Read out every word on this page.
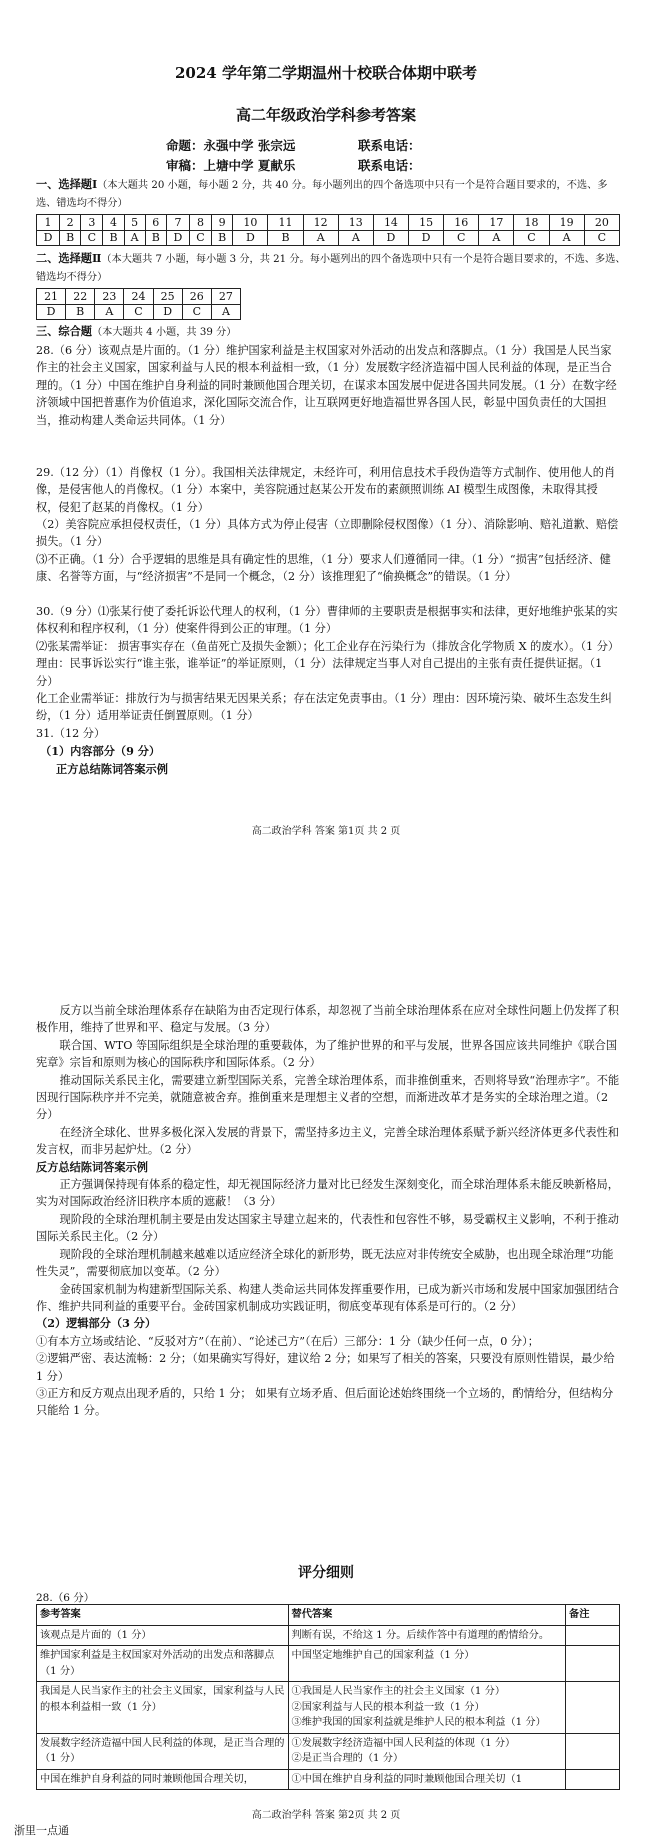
2024 学年第二学期温州十校联合体期中联考
高二年级政治学科参考答案
命题：永强中学 张宗远	联系电话：
审稿：上塘中学 夏献乐	联系电话：
一、选择题Ⅰ（本大题共 20 小题，每小题 2 分，共 40 分。每小题列出的四个备选项中只有一个是符合题目要求的，不选、多选、错选均不得分）
1	2	3	4	5	6	7	8	9	10	11	12	13	14	15	16	17	18	19	20
D	B	C	B	A	B	D	C	B	D	B	A	A	D	D	C	A	C	A	C
二、选择题Ⅱ（本大题共 7 小题，每小题 3 分，共 21 分。每小题列出的四个备选项中只有一个是符合题目要求的，不选、多选、错选均不得分）
21	22	23	24	25	26	27
D	B	A	C	D	C	A
三、综合题（本大题共 4 小题，共 39 分）
28.（6 分）该观点是片面的。（1 分）维护国家利益是主权国家对外活动的出发点和落脚点。（1 分）我国是人民当家作主的社会主义国家，国家利益与人民的根本利益相一致，（1 分）发展数字经济造福中国人民利益的体现，是正当合理的。（1 分）中国在维护自身利益的同时兼顾他国合理关切，在谋求本国发展中促进各国共同发展。（1 分）在数字经济领域中国把普惠作为价值追求，深化国际交流合作，让互联网更好地造福世界各国人民，彰显中国负责任的大国担当，推动构建人类命运共同体。（1 分）
29.（12 分）（1）肖像权（1 分）。我国相关法律规定，未经许可，利用信息技术手段伪造等方式制作、使用他人的肖像，是侵害他人的肖像权。（1 分）本案中，美容院通过赵某公开发布的素颜照训练 AI 模型生成图像，未取得其授权，侵犯了赵某的肖像权。（1 分）
（2）美容院应承担侵权责任，（1 分）具体方式为停止侵害（立即删除侵权图像）（1 分）、消除影响、赔礼道歉、赔偿损失。（1 分）
⑶不正确。（1 分）合乎逻辑的思维是具有确定性的思维，（1 分）要求人们遵循同一律。（1 分）“损害”包括经济、健康、名誉等方面，与“经济损害”不是同一个概念，（2 分）该推理犯了“偷换概念”的错误。（1 分）
30.（9 分）⑴张某行使了委托诉讼代理人的权利，（1 分）曹律师的主要职责是根据事实和法律，更好地维护张某的实体权利和程序权利，（1 分）使案件得到公正的审理。（1 分）
⑵张某需举证： 损害事实存在（鱼苗死亡及损失金额）；化工企业存在污染行为（排放含化学物质 X 的废水）。（1 分）理由：民事诉讼实行“谁主张，谁举证”的举证原则，（1 分）法律规定当事人对自己提出的主张有责任提供证据。（1 分）
化工企业需举证：排放行为与损害结果无因果关系；存在法定免责事由。（1 分）理由：因环境污染、破坏生态发生纠纷，（1 分）适用举证责任倒置原则。（1 分）
31.（12 分）
（1）内容部分（9 分）
正方总结陈词答案示例
高二政治学科 答案 第1页 共 2 页

反方以当前全球治理体系存在缺陷为由否定现行体系，却忽视了当前全球治理体系在应对全球性问题上仍发挥了积极作用，维持了世界和平、稳定与发展。（3 分）

联合国、WTO 等国际组织是全球治理的重要载体，为了维护世界的和平与发展，世界各国应该共同维护《联合国宪章》宗旨和原则为核心的国际秩序和国际体系。（2 分）

推动国际关系民主化，需要建立新型国际关系，完善全球治理体系，而非推倒重来，否则将导致“治理赤字”。不能因现行国际秩序并不完美，就随意被舍弃。推倒重来是理想主义者的空想，而渐进改革才是务实的全球治理之道。（2 分）

在经济全球化、世界多极化深入发展的背景下，需坚持多边主义，完善全球治理体系赋予新兴经济体更多代表性和发言权，而非另起炉灶。（2 分）

反方总结陈词答案示例

正方强调保持现有体系的稳定性，却无视国际经济力量对比已经发生深刻变化，而全球治理体系未能反映新格局，实为对国际政治经济旧秩序本质的遮蔽！（3 分）

现阶段的全球治理机制主要是由发达国家主导建立起来的，代表性和包容性不够，易受霸权主义影响，不利于推动国际关系民主化。（2 分）

现阶段的全球治理机制越来越难以适应经济全球化的新形势，既无法应对非传统安全威胁，也出现全球治理“功能性失灵”，需要彻底加以变革。（2 分）

金砖国家机制为构建新型国际关系、构建人类命运共同体发挥重要作用，已成为新兴市场和发展中国家加强团结合作、维护共同利益的重要平台。金砖国家机制成功实践证明，彻底变革现有体系是可行的。（2 分）

（2）逻辑部分（3 分）

①有本方立场或结论、“反驳对方”（在前）、“论述己方”（在后）三部分：1 分（缺少任何一点，0 分）；

②逻辑严密、表达流畅：2 分；（如果确实写得好，建议给 2 分；如果写了相关的答案，只要没有原则性错误，最少给 1 分）

③正方和反方观点出现矛盾的，只给 1 分； 如果有立场矛盾、但后面论述始终围绕一个立场的，酌情给分，但结构分只能给 1 分。

评分细则
28.（6 分）
参考答案	替代答案	备注
该观点是片面的（1 分）	判断有误，不给这 1 分。后续作答中有道理的酌情给分。	

维护国家利益是主权国家对外活动的出发点和落脚点（1 分）	中国坚定地维护自己的国家利益（1 分）	

我国是人民当家作主的社会主义国家，国家利益与人民的根本利益相一致（1 分）	①我国是人民当家作主的社会主义国家（1 分）
②国家利益与人民的根本利益一致（1 分）
③维护我国的国家利益就是维护人民的根本利益（1 分）	

发展数字经济造福中国人民利益的体现，是正当合理的（1 分）	①发展数字经济造福中国人民利益的体现（1 分）
②是正当合理的（1 分）	

中国在维护自身利益的同时兼顾他国合理关切，	①中国在维护自身利益的同时兼顾他国合理关切（1	

高二政治学科 答案 第2页 共 2 页
浙里一点通
